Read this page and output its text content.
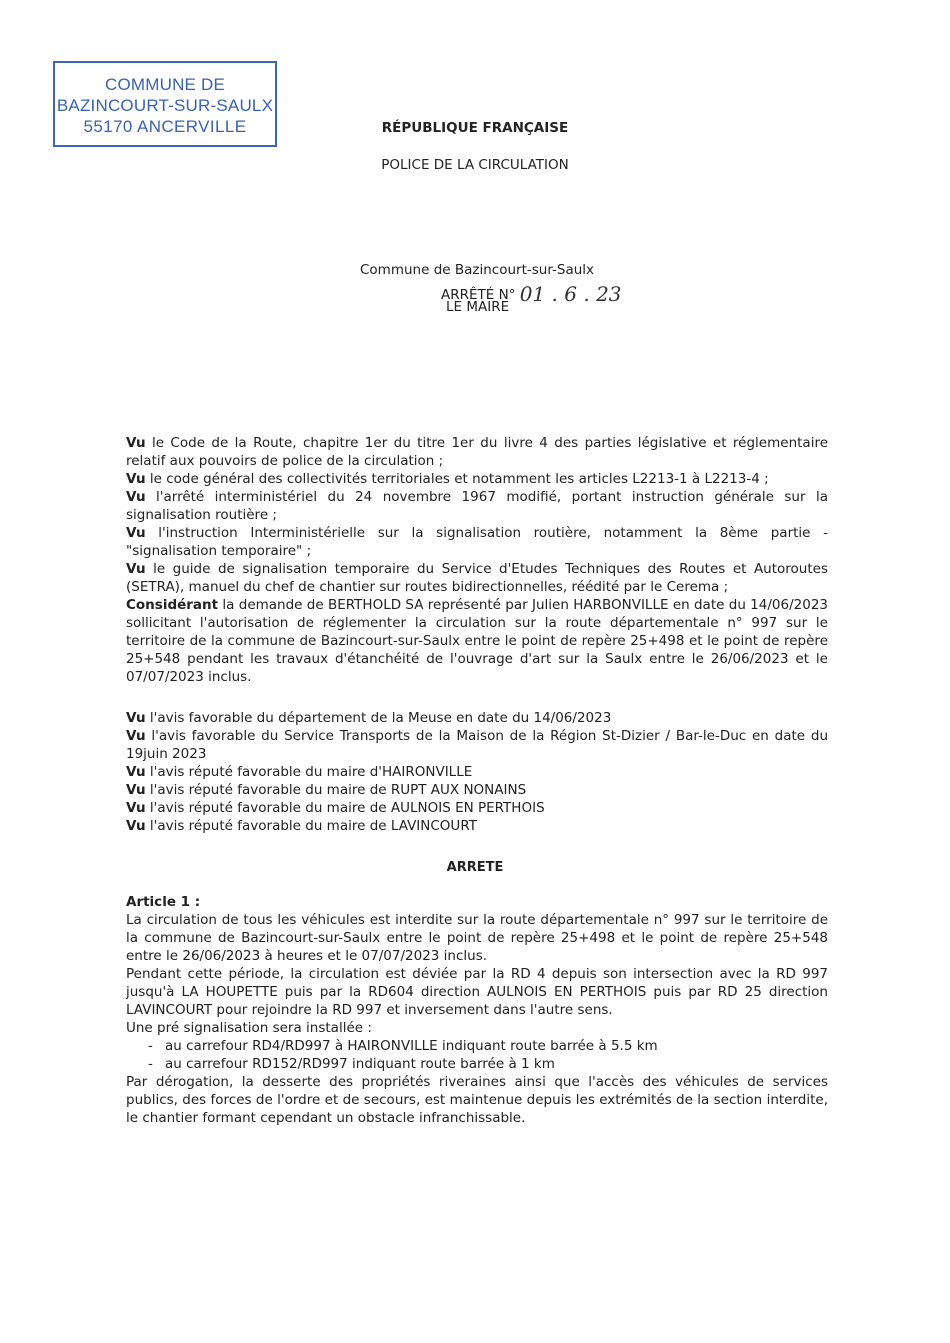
COMMUNE DE
BAZINCOURT-SUR-SAULX
55170 ANCERVILLE	RÉPUBLIQUE FRANÇAISE
POLICE DE LA CIRCULATION
Commune de Bazincourt-sur-Saulx
ARRÊTÉ N° 01 . 6 . 23
LE MAIRE

Vu le Code de la Route, chapitre 1er du titre 1er du livre 4 des parties législative et réglementaire relatif aux pouvoirs de police de la circulation ;

Vu le code général des collectivités territoriales et notamment les articles L2213-1 à L2213-4 ;

Vu l'arrêté interministériel du 24 novembre 1967 modifié, portant instruction générale sur la signalisation routière ;

Vu l'instruction Interministérielle sur la signalisation routière, notamment la 8ème partie - "signalisation temporaire" ;

Vu le guide de signalisation temporaire du Service d'Etudes Techniques des Routes et Autoroutes (SETRA), manuel du chef de chantier sur routes bidirectionnelles, réédité par le Cerema ;

Considérant la demande de BERTHOLD SA représenté par Julien HARBONVILLE en date du 14/06/2023 sollicitant l'autorisation de réglementer la circulation sur la route départementale n° 997 sur le territoire de la commune de Bazincourt-sur-Saulx entre le point de repère 25+498 et le point de repère 25+548 pendant les travaux d'étanchéité de l'ouvrage d'art sur la Saulx entre le 26/06/2023 et le 07/07/2023 inclus.

Vu l'avis favorable du département de la Meuse en date du 14/06/2023

Vu l'avis favorable du Service Transports de la Maison de la Région St-Dizier / Bar-le-Duc en date du 19juin 2023

Vu l'avis réputé favorable du maire d'HAIRONVILLE

Vu l'avis réputé favorable du maire de RUPT AUX NONAINS

Vu l'avis réputé favorable du maire de AULNOIS EN PERTHOIS

Vu l'avis réputé favorable du maire de LAVINCOURT

ARRETE

Article 1 :

La circulation de tous les véhicules est interdite sur la route départementale n° 997 sur le territoire de la commune de Bazincourt-sur-Saulx entre le point de repère 25+498 et le point de repère 25+548 entre le 26/06/2023 à heures et le 07/07/2023 inclus.

Pendant cette période, la circulation est déviée par la RD 4 depuis son intersection avec la RD 997 jusqu'à LA HOUPETTE puis par la RD604 direction AULNOIS EN PERTHOIS puis par RD 25 direction LAVINCOURT pour rejoindre la RD 997 et inversement dans l'autre sens.

Une pré signalisation sera installée :

- au carrefour RD4/RD997 à HAIRONVILLE indiquant route barrée à 5.5 km
- au carrefour RD152/RD997 indiquant route barrée à 1 km

Par dérogation, la desserte des propriétés riveraines ainsi que l'accès des véhicules de services publics, des forces de l'ordre et de secours, est maintenue depuis les extrémités de la section interdite, le chantier formant cependant un obstacle infranchissable.
